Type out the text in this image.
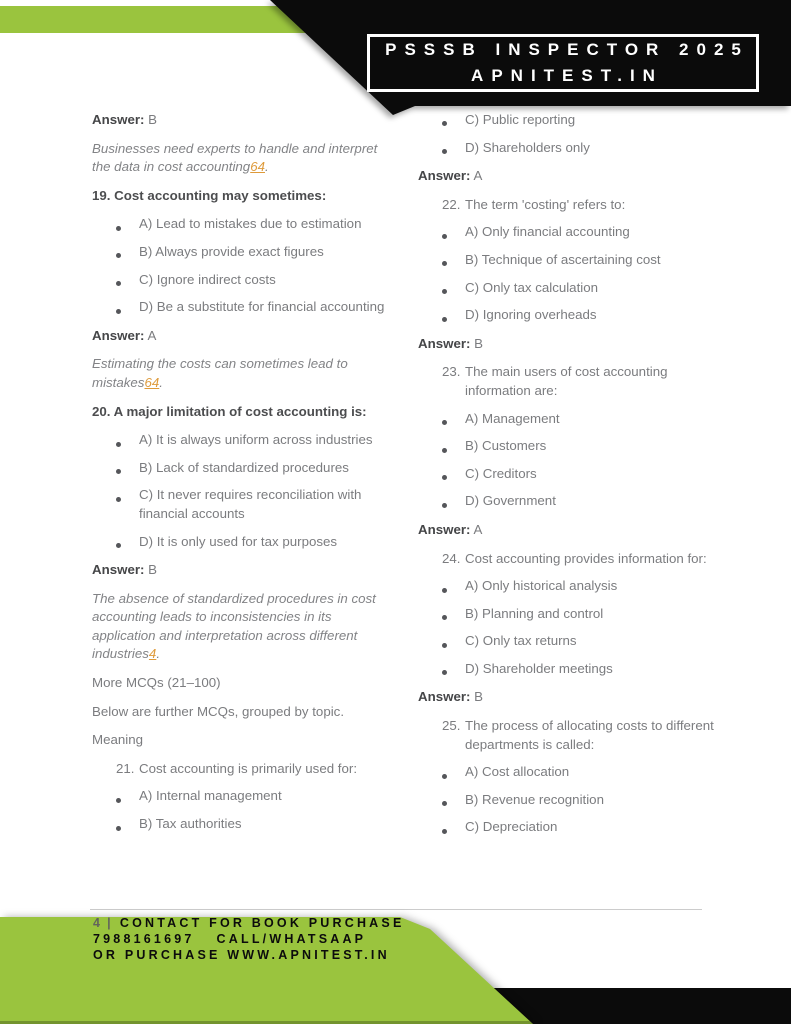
PSSSB INSPECTOR 2025
APNITEST.IN

Answer: B

Businesses need experts to handle and interpret the data in cost accounting64.

19. Cost accounting may sometimes:

A) Lead to mistakes due to estimation
B) Always provide exact figures
C) Ignore indirect costs
D) Be a substitute for financial accounting

Answer: A

Estimating the costs can sometimes lead to mistakes64.

20. A major limitation of cost accounting is:

A) It is always uniform across industries
B) Lack of standardized procedures
C) It never requires reconciliation with financial accounts
D) It is only used for tax purposes

Answer: B

The absence of standardized procedures in cost accounting leads to inconsistencies in its application and interpretation across different industries4.

More MCQs (21–100)

Below are further MCQs, grouped by topic.

Meaning

21. Cost accounting is primarily used for:
A) Internal management
B) Tax authorities
C) Public reporting
D) Shareholders only

Answer: A

22. The term 'costing' refers to:
A) Only financial accounting
B) Technique of ascertaining cost
C) Only tax calculation
D) Ignoring overheads

Answer: B

23. The main users of cost accounting information are:
A) Management
B) Customers
C) Creditors
D) Government

Answer: A

24. Cost accounting provides information for:
A) Only historical analysis
B) Planning and control
C) Only tax returns
D) Shareholder meetings

Answer: B

25. The process of allocating costs to different departments is called:
A) Cost allocation
B) Revenue recognition
C) Depreciation
4 | CONTACT FOR BOOK PURCHASE
7988161697 CALL/WHATSAAP
OR PURCHASE WWW.APNITEST.IN
